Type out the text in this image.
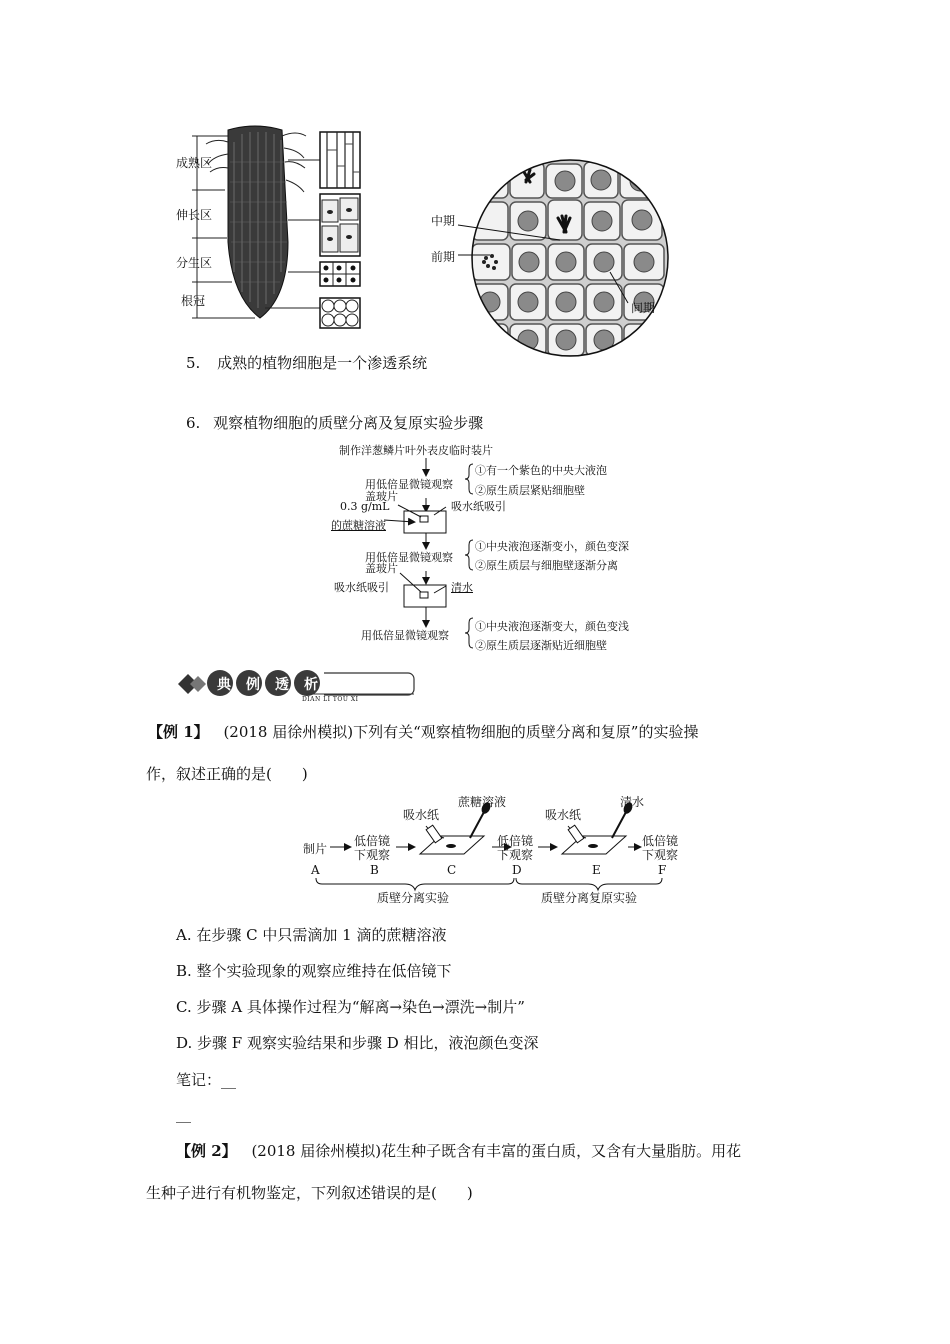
成熟区
伸长区
分生区
根冠
中期
前期
间期
5. 成熟的植物细胞是一个渗透系统
6. 观察植物细胞的质壁分离及复原实验步骤
制作洋葱鳞片叶外表皮临时装片
用低倍显微镜观察
①有一个紫色的中央大液泡
②原生质层紧贴细胞壁
盖玻片
吸水纸吸引
0.3 g/mL
的蔗糖溶液
用低倍显微镜观察
①中央液泡逐渐变小，颜色变深
②原生质层与细胞壁逐渐分离
盖玻片
吸水纸吸引	清水
用低倍显微镜观察
①中央液泡逐渐变大，颜色变浅
②原生质层逐渐贴近细胞壁
典	例	透	析
DIAN LI TOU XI
【例 1】 (2018 届徐州模拟)下列有关“观察植物细胞的质壁分离和复原”的实验操
作，叙述正确的是(　　)
制片
低倍镜
下观察
吸水纸
蔗糖溶液
低倍镜
下观察
吸水纸
清水
低倍镜
下观察
A	B	C	D	E	F
质壁分离实验	质壁分离复原实验
A. 在步骤 C 中只需滴加 1 滴的蔗糖溶液
B. 整个实验现象的观察应维持在低倍镜下
C. 步骤 A 具体操作过程为“解离→染色→漂洗→制片”
D. 步骤 F 观察实验结果和步骤 D 相比，液泡颜色变深
笔记：__
__
【例 2】 (2018 届徐州模拟)花生种子既含有丰富的蛋白质，又含有大量脂肪。用花
生种子进行有机物鉴定，下列叙述错误的是(　　)
